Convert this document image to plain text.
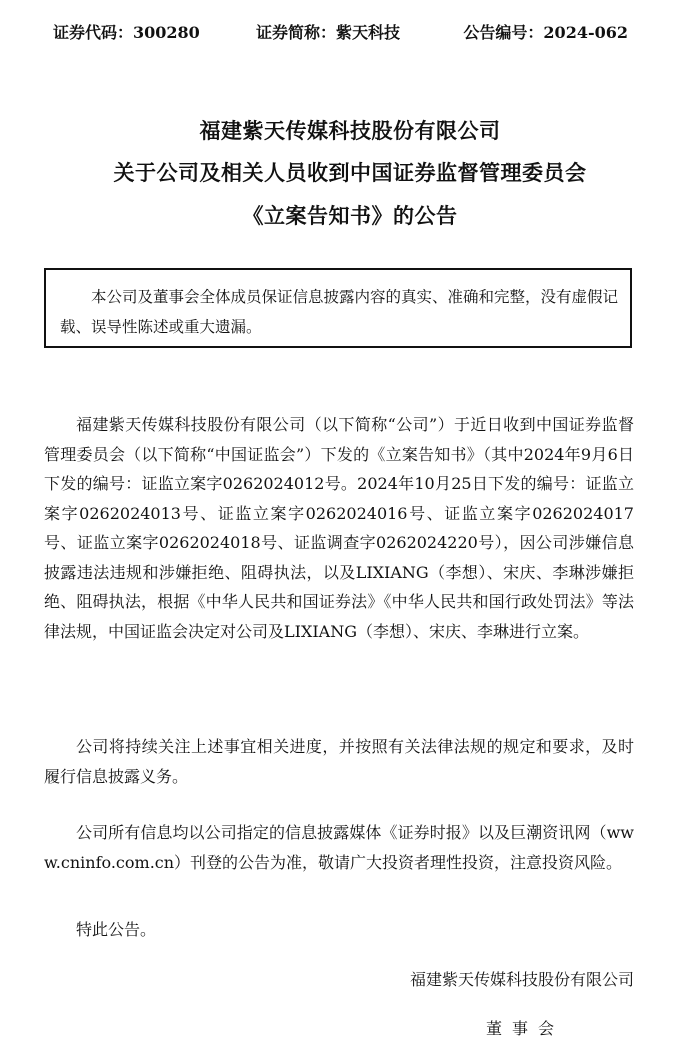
证券代码：300280	证券简称：紫天科技	公告编号：2024-062
福建紫天传媒科技股份有限公司
关于公司及相关人员收到中国证券监督管理委员会
《立案告知书》的公告
本公司及董事会全体成员保证信息披露内容的真实、准确和完整，没有虚假记载、误导性陈述或重大遗漏。
福建紫天传媒科技股份有限公司（以下简称“公司”）于近日收到中国证券监督管理委员会（以下简称“中国证监会”）下发的《立案告知书》（其中2024年9月6日下发的编号：证监立案字0262024012号。2024年10月25日下发的编号：证监立案字0262024013号、证监立案字0262024016号、证监立案字0262024017号、证监立案字0262024018号、证监调查字0262024220号），因公司涉嫌信息披露违法违规和涉嫌拒绝、阻碍执法，以及LIXIANG（李想）、宋庆、李琳涉嫌拒绝、阻碍执法，根据《中华人民共和国证券法》《中华人民共和国行政处罚法》等法律法规，中国证监会决定对公司及LIXIANG（李想）、宋庆、李琳进行立案。
公司将持续关注上述事宜相关进度，并按照有关法律法规的规定和要求，及时履行信息披露义务。
公司所有信息均以公司指定的信息披露媒体《证券时报》以及巨潮资讯网（www.cninfo.com.cn）刊登的公告为准，敬请广大投资者理性投资，注意投资风险。
特此公告。
福建紫天传媒科技股份有限公司
董事会
